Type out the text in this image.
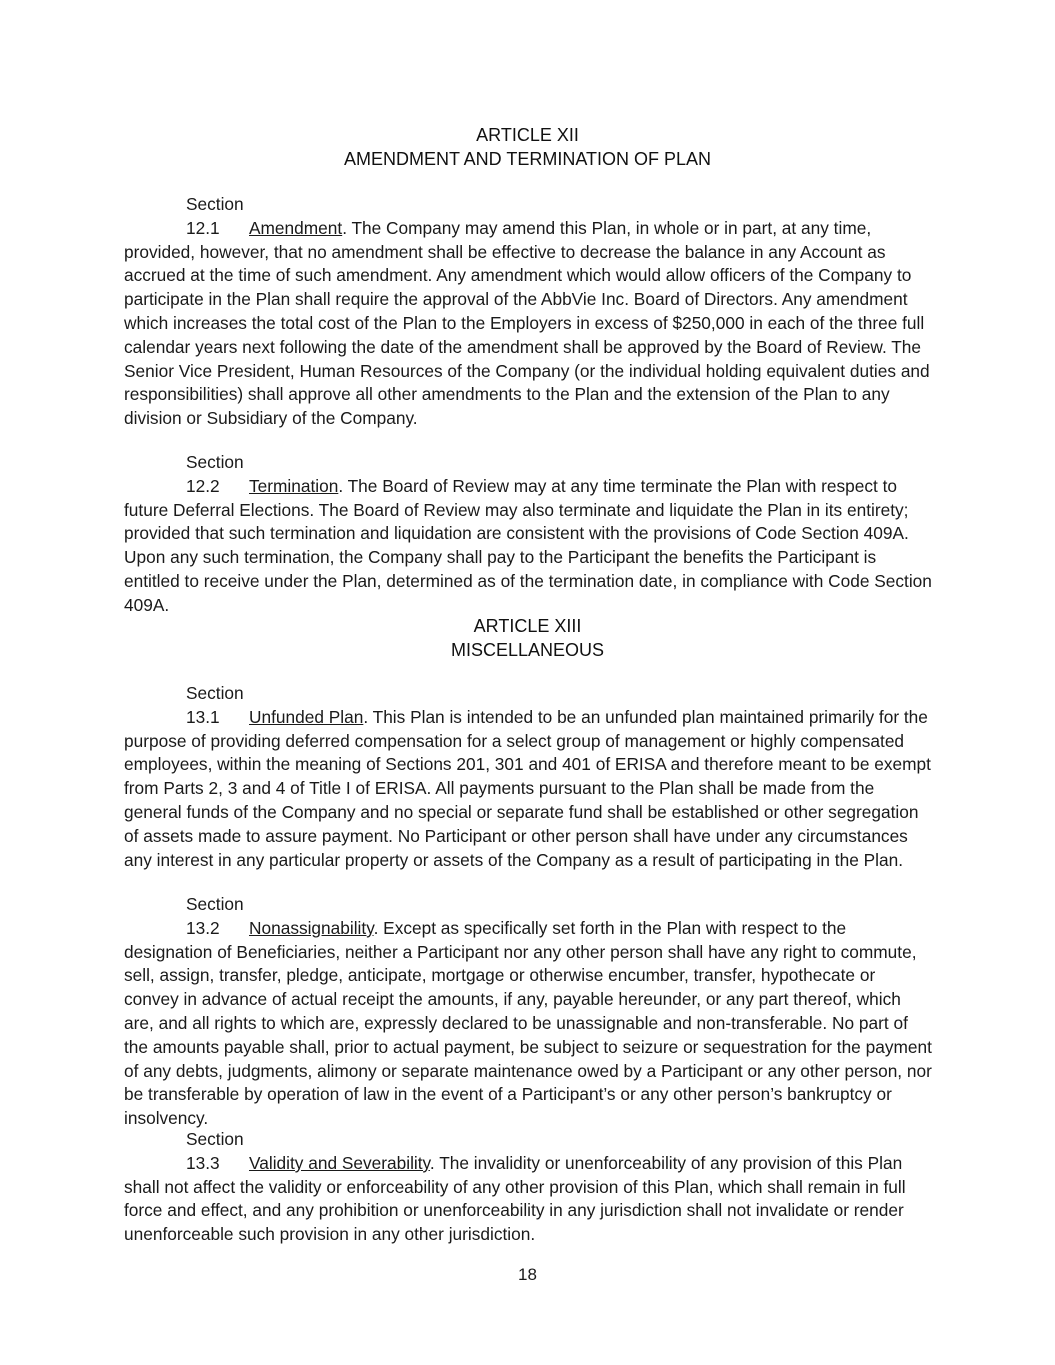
ARTICLE XII
AMENDMENT AND TERMINATION OF PLAN

Section 12.1 Amendment. The Company may amend this Plan, in whole or in part, at any time, provided, however, that no amendment shall be effective to decrease the balance in any Account as accrued at the time of such amendment. Any amendment which would allow officers of the Company to participate in the Plan shall require the approval of the AbbVie Inc. Board of Directors. Any amendment which increases the total cost of the Plan to the Employers in excess of $250,000 in each of the three full calendar years next following the date of the amendment shall be approved by the Board of Review. The Senior Vice President, Human Resources of the Company (or the individual holding equivalent duties and responsibilities) shall approve all other amendments to the Plan and the extension of the Plan to any division or Subsidiary of the Company.

Section 12.2 Termination. The Board of Review may at any time terminate the Plan with respect to future Deferral Elections. The Board of Review may also terminate and liquidate the Plan in its entirety; provided that such termination and liquidation are consistent with the provisions of Code Section 409A. Upon any such termination, the Company shall pay to the Participant the benefits the Participant is entitled to receive under the Plan, determined as of the termination date, in compliance with Code Section 409A.

ARTICLE XIII
MISCELLANEOUS

Section 13.1 Unfunded Plan. This Plan is intended to be an unfunded plan maintained primarily for the purpose of providing deferred compensation for a select group of management or highly compensated employees, within the meaning of Sections 201, 301 and 401 of ERISA and therefore meant to be exempt from Parts 2, 3 and 4 of Title I of ERISA. All payments pursuant to the Plan shall be made from the general funds of the Company and no special or separate fund shall be established or other segregation of assets made to assure payment. No Participant or other person shall have under any circumstances any interest in any particular property or assets of the Company as a result of participating in the Plan.

Section 13.2 Nonassignability. Except as specifically set forth in the Plan with respect to the designation of Beneficiaries, neither a Participant nor any other person shall have any right to commute, sell, assign, transfer, pledge, anticipate, mortgage or otherwise encumber, transfer, hypothecate or convey in advance of actual receipt the amounts, if any, payable hereunder, or any part thereof, which are, and all rights to which are, expressly declared to be unassignable and non-transferable. No part of the amounts payable shall, prior to actual payment, be subject to seizure or sequestration for the payment of any debts, judgments, alimony or separate maintenance owed by a Participant or any other person, nor be transferable by operation of law in the event of a Participant’s or any other person’s bankruptcy or insolvency.

Section 13.3 Validity and Severability. The invalidity or unenforceability of any provision of this Plan shall not affect the validity or enforceability of any other provision of this Plan, which shall remain in full force and effect, and any prohibition or unenforceability in any jurisdiction shall not invalidate or render unenforceable such provision in any other jurisdiction.

18
